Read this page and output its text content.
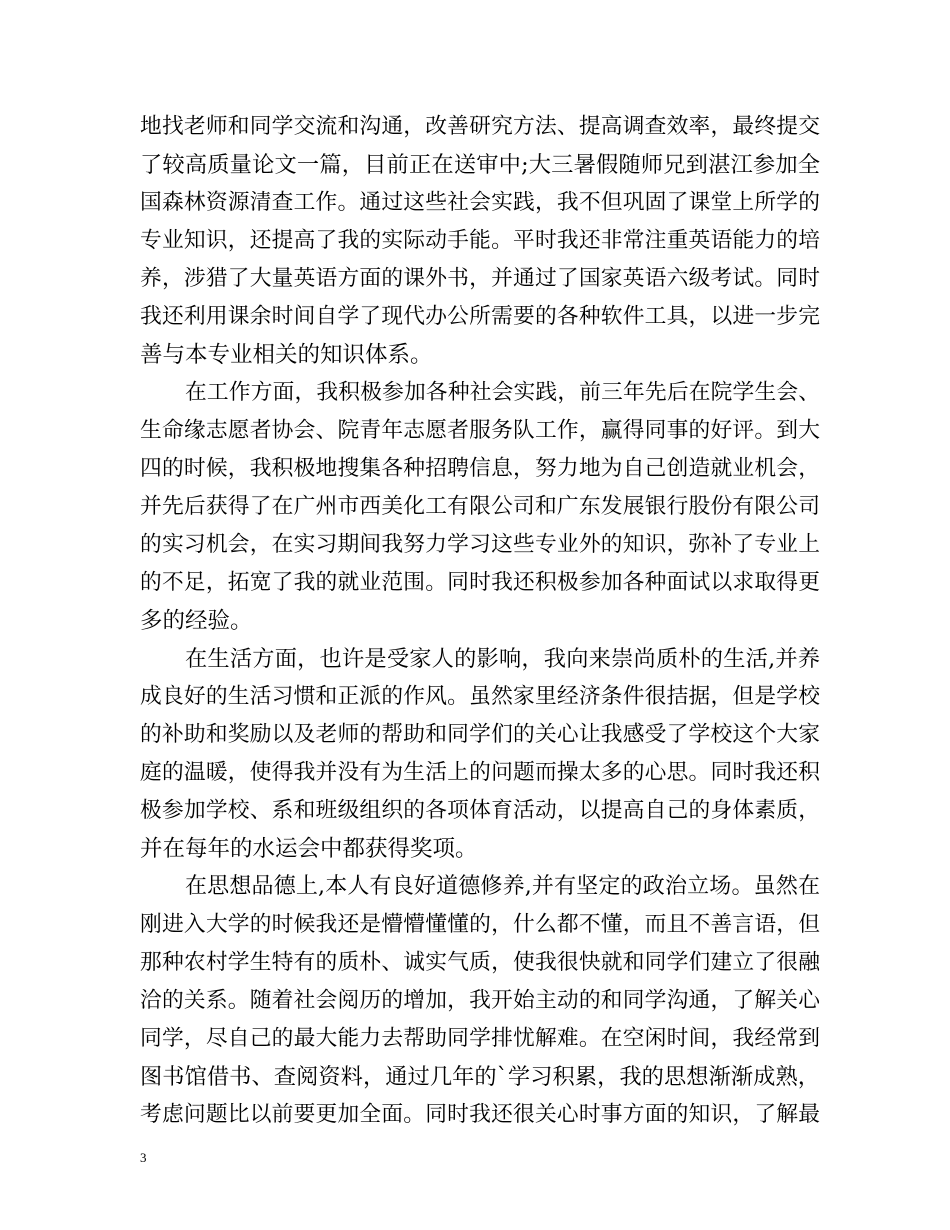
地找老师和同学交流和沟通，改善研究方法、提高调查效率，最终提交
了较高质量论文一篇，目前正在送审中;大三暑假随师兄到湛江参加全
国森林资源清查工作。通过这些社会实践，我不但巩固了课堂上所学的
专业知识，还提高了我的实际动手能。平时我还非常注重英语能力的培
养，涉猎了大量英语方面的课外书，并通过了国家英语六级考试。同时
我还利用课余时间自学了现代办公所需要的各种软件工具，以进一步完
善与本专业相关的知识体系。
在工作方面，我积极参加各种社会实践，前三年先后在院学生会、
生命缘志愿者协会、院青年志愿者服务队工作，赢得同事的好评。到大
四的时候，我积极地搜集各种招聘信息，努力地为自己创造就业机会，
并先后获得了在广州市西美化工有限公司和广东发展银行股份有限公司
的实习机会，在实习期间我努力学习这些专业外的知识，弥补了专业上
的不足，拓宽了我的就业范围。同时我还积极参加各种面试以求取得更
多的经验。
在生活方面，也许是受家人的影响，我向来崇尚质朴的生活,并养
成良好的生活习惯和正派的作风。虽然家里经济条件很拮据，但是学校
的补助和奖励以及老师的帮助和同学们的关心让我感受了学校这个大家
庭的温暖，使得我并没有为生活上的问题而操太多的心思。同时我还积
极参加学校、系和班级组织的各项体育活动，以提高自己的身体素质，
并在每年的水运会中都获得奖项。
在思想品德上,本人有良好道德修养,并有坚定的政治立场。虽然在
刚进入大学的时候我还是懵懵懂懂的，什么都不懂，而且不善言语，但
那种农村学生特有的质朴、诚实气质，使我很快就和同学们建立了很融
洽的关系。随着社会阅历的增加，我开始主动的和同学沟通，了解关心
同学，尽自己的最大能力去帮助同学排忧解难。在空闲时间，我经常到
图书馆借书、查阅资料，通过几年的`学习积累，我的思想渐渐成熟，
考虑问题比以前要更加全面。同时我还很关心时事方面的知识，了解最
3
